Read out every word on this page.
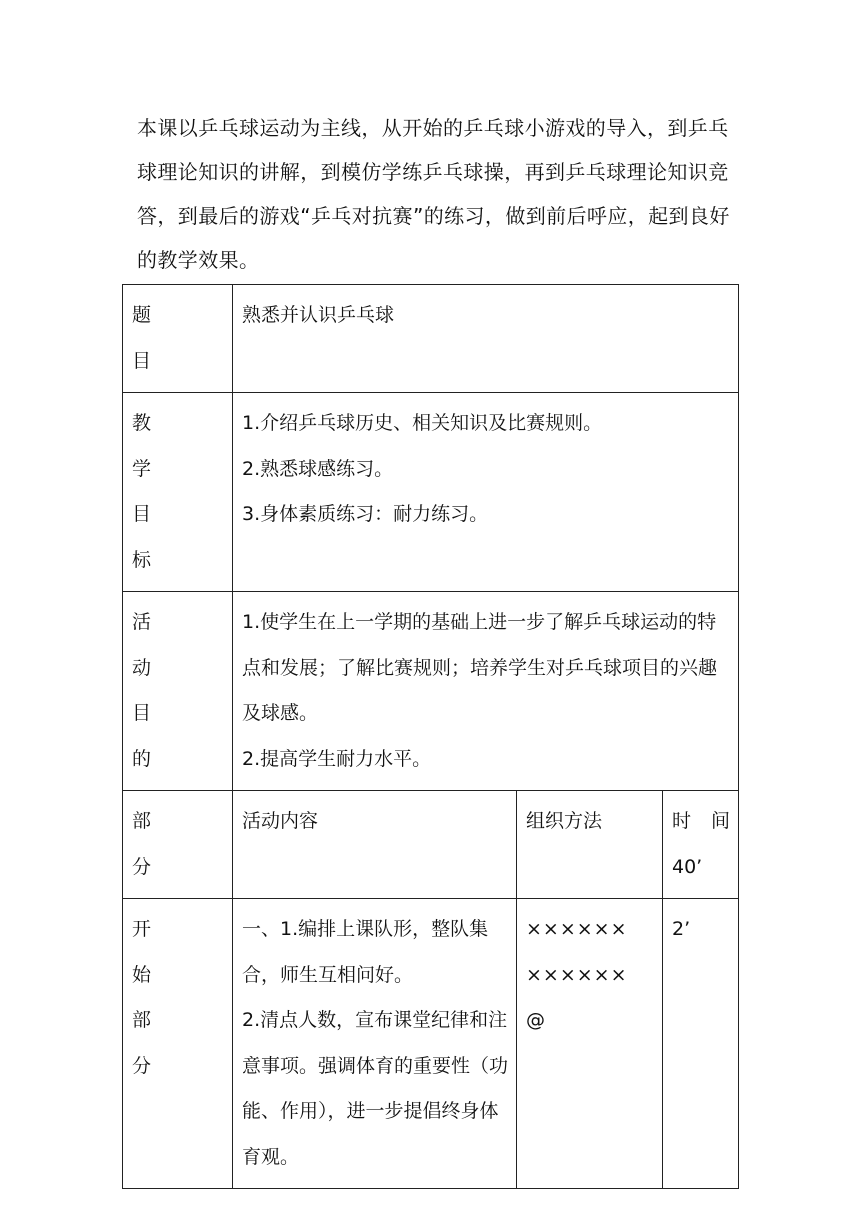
本课以乒乓球运动为主线，从开始的乒乓球小游戏的导入，到乒乓球理论知识的讲解，到模仿学练乒乓球操，再到乒乓球理论知识竞答，到最后的游戏“乒乓对抗赛”的练习，做到前后呼应，起到良好的教学效果。

题
目	熟悉并认识乒乓球		

教
学
目
标	1.介绍乒乓球历史、相关知识及比赛规则。
2.熟悉球感练习。
3.身体素质练习：耐力练习。		

活
动
目
的	1.使学生在上一学期的基础上进一步了解乒乓球运动的特点和发展；了解比赛规则；培养学生对乒乓球项目的兴趣及球感。
2.提高学生耐力水平。		

部
分	活动内容	组织方法	时 间
40’

开
始
部
分	一、1.编排上课队形，整队集合，师生互相问好。
2.清点人数，宣布课堂纪律和注意事项。强调体育的重要性（功能、作用），进一步提倡终身体育观。	××××××
××××××
@	2’
